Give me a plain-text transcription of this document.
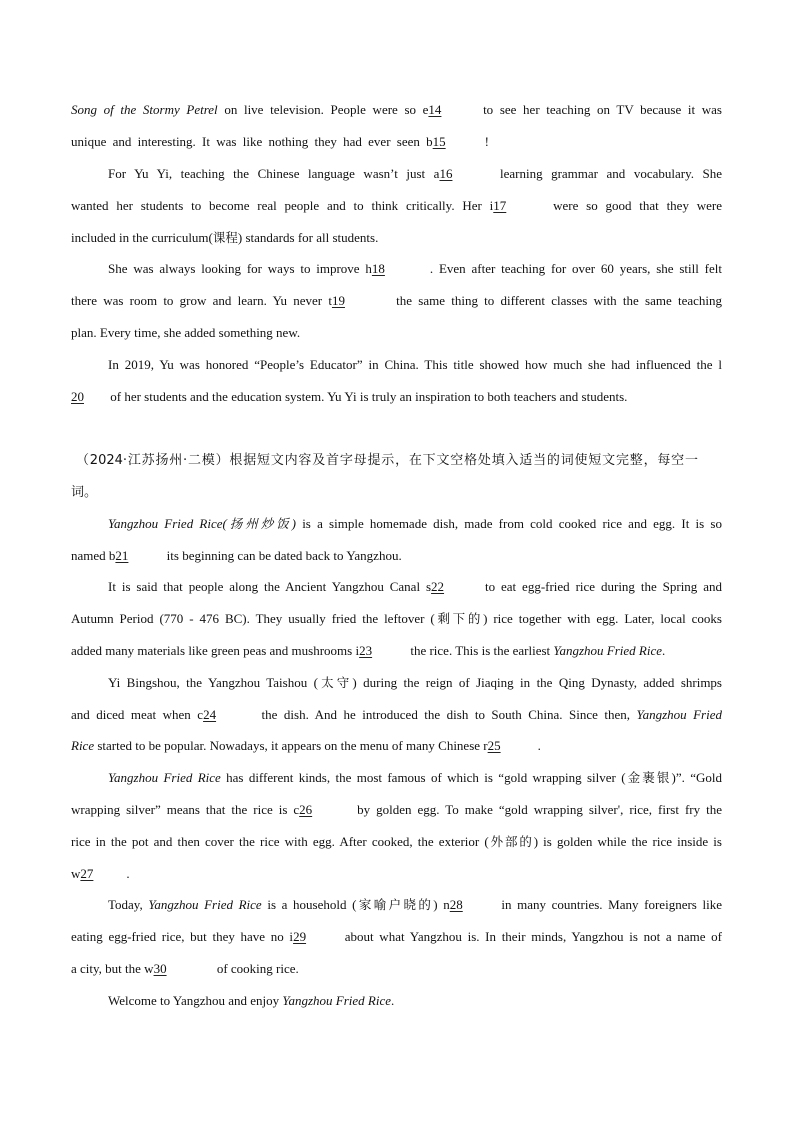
Song of the Stormy Petrel on live television. People were so e14	to see her teaching on TV because it was
unique and interesting. It was like nothing they had ever seen b15	!
For Yu Yi, teaching the Chinese language wasn’t just a16	learning grammar and vocabulary. She
wanted her students to become real people and to think critically. Her i17	were so good that they were
included in the curriculum(课程) standards for all students.
She was always looking for ways to improve h18	. Even after teaching for over 60 years, she still felt
there was room to grow and learn. Yu never t19	the same thing to different classes with the same teaching
plan. Every time, she added something new.
In 2019, Yu was honored “People’s Educator” in China. This title showed how much she had influenced the l
20 of her students and the education system. Yu Yi is truly an inspiration to both teachers and students.
（2024·江苏扬州·二模）根据短文内容及首字母提示，在下文空格处填入适当的词使短文完整，每空一
词。
Yangzhou Fried Rice(扬州炒饭) is a simple homemade dish, made from cold cooked rice and egg. It is so
named b21	its beginning can be dated back to Yangzhou.
It is said that people along the Ancient Yangzhou Canal s22	to eat egg-fried rice during the Spring and
Autumn Period (770 - 476 BC). They usually fried the leftover (剩下的) rice together with egg. Later, local cooks
added many materials like green peas and mushrooms i23	the rice. This is the earliest Yangzhou Fried Rice.
Yi Bingshou, the Yangzhou Taishou (太守) during the reign of Jiaqing in the Qing Dynasty, added shrimps
and diced meat when c24	the dish. And he introduced the dish to South China. Since then, Yangzhou Fried
Rice started to be popular. Nowadays, it appears on the menu of many Chinese r25	.
Yangzhou Fried Rice has different kinds, the most famous of which is “gold wrapping silver (金裹银)”. “Gold
wrapping silver” means that the rice is c26	by golden egg. To make “gold wrapping silver', rice, first fry the
rice in the pot and then cover the rice with egg. After cooked, the exterior (外部的) is golden while the rice inside is
w27	.
Today, Yangzhou Fried Rice is a household (家喻户晓的) n28	in many countries. Many foreigners like
eating egg-fried rice, but they have no i29	about what Yangzhou is. In their minds, Yangzhou is not a name of
a city, but the w30	of cooking rice.
Welcome to Yangzhou and enjoy Yangzhou Fried Rice.
